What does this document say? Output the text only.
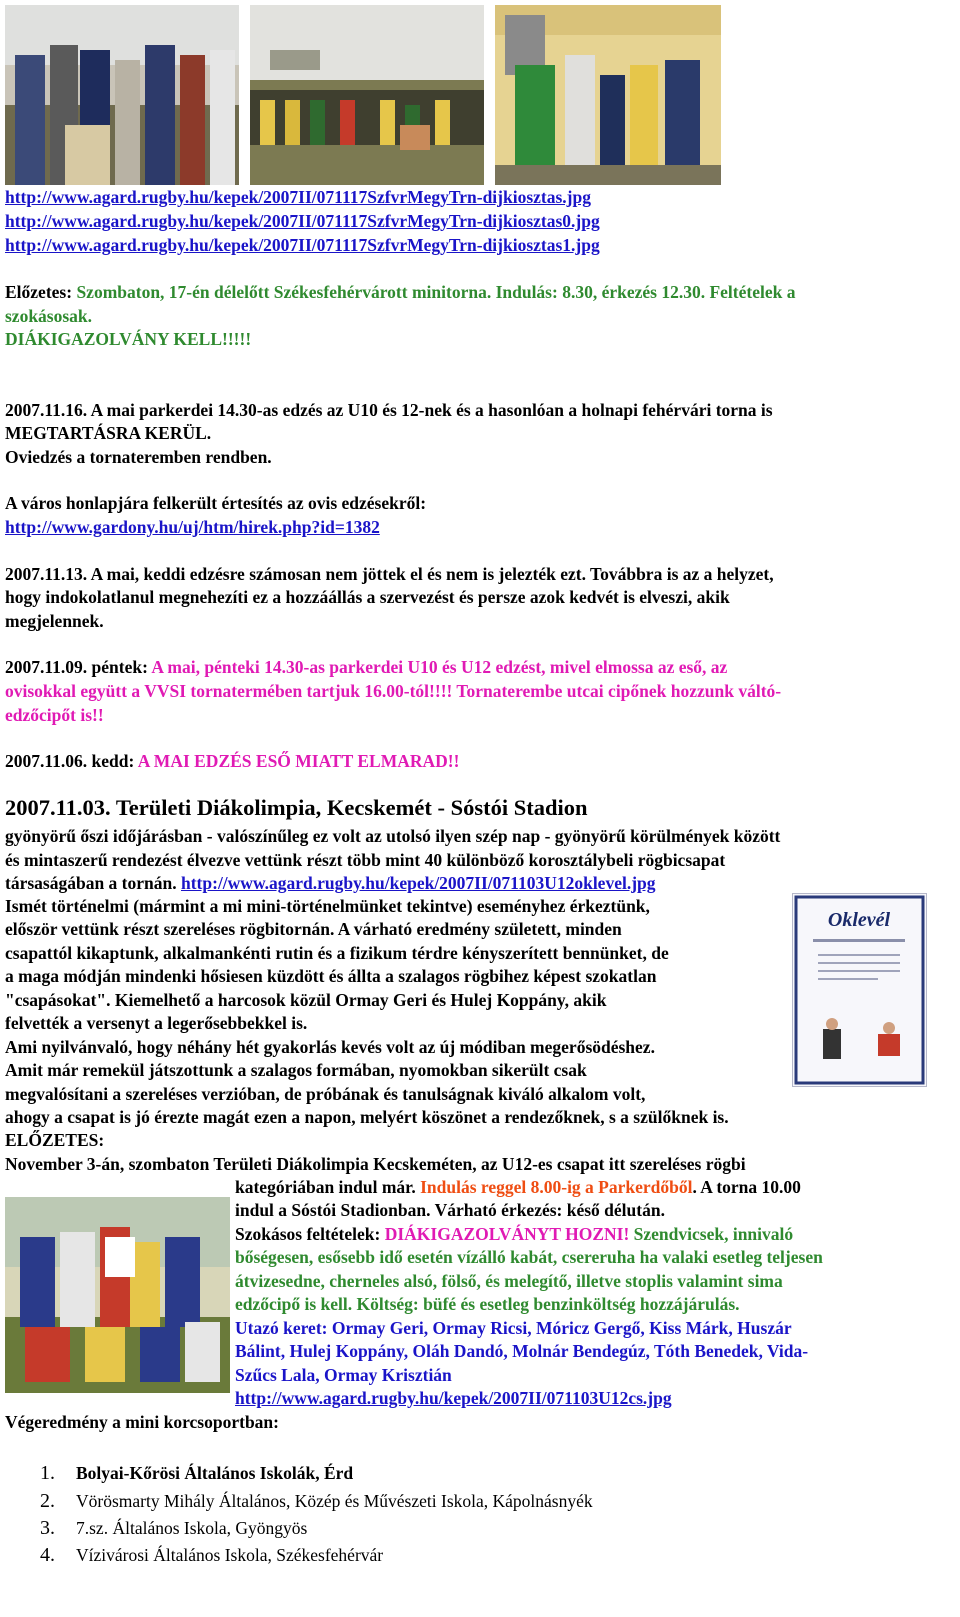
http://www.agard.rugby.hu/kepek/2007II/071117SzfvrMegyTrn-dijkiosztas.jpg
http://www.agard.rugby.hu/kepek/2007II/071117SzfvrMegyTrn-dijkiosztas0.jpg
http://www.agard.rugby.hu/kepek/2007II/071117SzfvrMegyTrn-dijkiosztas1.jpg
Előzetes: Szombaton, 17-én délelőtt Székesfehérvárott minitorna. Indulás: 8.30, érkezés 12.30. Feltételek a
szokásosak.
DIÁKIGAZOLVÁNY KELL!!!!!
2007.11.16. A mai parkerdei 14.30-as edzés az U10 és 12-nek és a hasonlóan a holnapi fehérvári torna is
MEGTARTÁSRA KERÜL.
Oviedzés a tornateremben rendben.
A város honlapjára felkerült értesítés az ovis edzésekről:
http://www.gardony.hu/uj/htm/hirek.php?id=1382
2007.11.13. A mai, keddi edzésre számosan nem jöttek el és nem is jelezték ezt. Továbbra is az a helyzet,
hogy indokolatlanul megnehezíti ez a hozzáállás a szervezést és persze azok kedvét is elveszi, akik
megjelennek.
2007.11.09. péntek: A mai, pénteki 14.30-as parkerdei U10 és U12 edzést, mivel elmossa az eső, az
ovisokkal együtt a VVSI tornatermében tartjuk 16.00-tól!!!! Tornaterembe utcai cipőnek hozzunk váltó-
edzőcipőt is!!
2007.11.06. kedd: A MAI EDZÉS ESŐ MIATT ELMARAD!!
2007.11.03. Területi Diákolimpia, Kecskemét - Sóstói Stadion
gyönyörű őszi időjárásban - valószínűleg ez volt az utolsó ilyen szép nap - gyönyörű körülmények között
és mintaszerű rendezést élvezve vettünk részt több mint 40 különböző korosztálybeli rögbicsapat
társaságában a tornán. http://www.agard.rugby.hu/kepek/2007II/071103U12oklevel.jpg
Ismét történelmi (mármint a mi mini-történelmünket tekintve) eseményhez érkeztünk,
először vettünk részt szereléses rögbitornán. A várható eredmény született, minden
csapattól kikaptunk, alkalmankénti rutin és a fizikum térdre kényszerített bennünket, de
a maga módján mindenki hősiesen küzdött és állta a szalagos rögbihez képest szokatlan
"csapásokat". Kiemelhető a harcosok közül Ormay Geri és Hulej Koppány, akik
felvették a versenyt a legerősebbekkel is.
Ami nyilvánvaló, hogy néhány hét gyakorlás kevés volt az új módiban megerősödéshez.
Amit már remekül játszottunk a szalagos formában, nyomokban sikerült csak
megvalósítani a szereléses verzióban, de próbának és tanulságnak kiváló alkalom volt,
ahogy a csapat is jó érezte magát ezen a napon, melyért köszönet a rendezőknek, s a szülőknek is.
Oklevél
ELŐZETES:
November 3-án, szombaton Területi Diákolimpia Kecskeméten, az U12-es csapat itt szereléses rögbi
kategóriában indul már. Indulás reggel 8.00-ig a Parkerdőből. A torna 10.00
indul a Sóstói Stadionban. Várható érkezés: késő délután.
Szokásos feltételek: DIÁKIGAZOLVÁNYT HOZNI! Szendvicsek, innivaló
bőségesen, esősebb idő esetén vízálló kabát, csereruha ha valaki esetleg teljesen
átvizesedne, cherneles alsó, fölső, és melegítő, illetve stoplis valamint sima
edzőcipő is kell. Költség: büfé és esetleg benzinköltség hozzájárulás.
Utazó keret: Ormay Geri, Ormay Ricsi, Móricz Gergő, Kiss Márk, Huszár
Bálint, Hulej Koppány, Oláh Dandó, Molnár Bendegúz, Tóth Benedek, Vida-
Szűcs Lala, Ormay Krisztián
http://www.agard.rugby.hu/kepek/2007II/071103U12cs.jpg
Végeredmény a mini korcsoportban:
1. Bolyai-Kőrösi Általános Iskolák, Érd
2. Vörösmarty Mihály Általános, Közép és Művészeti Iskola, Kápolnásnyék
3. 7.sz. Általános Iskola, Gyöngyös
4. Vízivárosi Általános Iskola, Székesfehérvár
